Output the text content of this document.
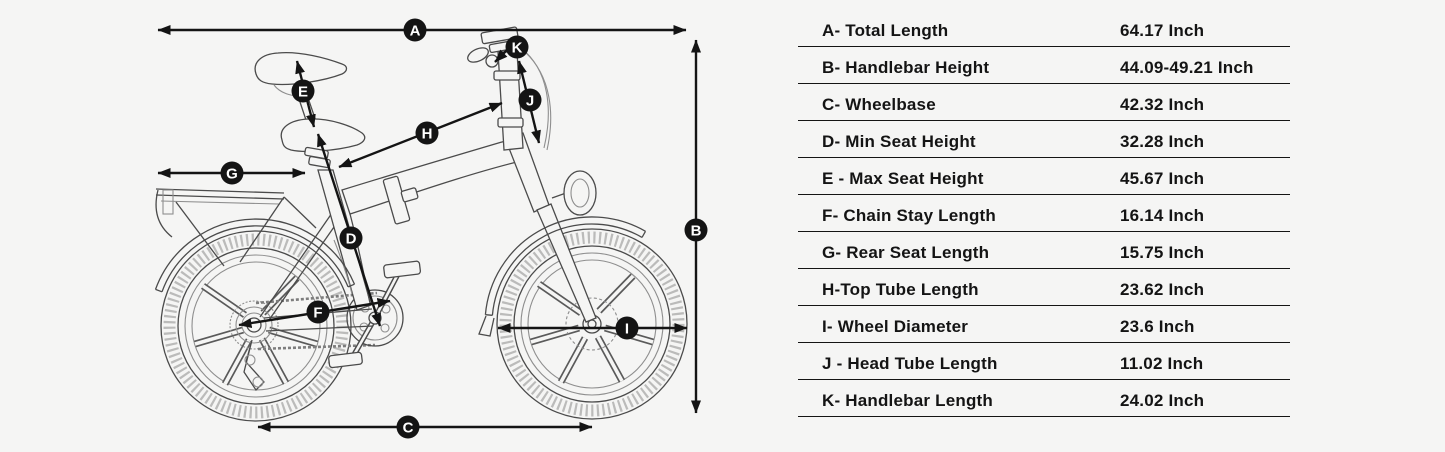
A
B
C
D
E
F
G
H
I
J
K
A- Total Length	64.17 Inch
B- Handlebar Height	44.09-49.21 Inch
C- Wheelbase	42.32 Inch
D- Min Seat Height	32.28 Inch
E - Max Seat Height	45.67 Inch
F- Chain Stay Length	16.14 Inch
G- Rear Seat Length	15.75 Inch
H-Top Tube Length	23.62 Inch
I- Wheel Diameter	23.6 Inch
J - Head Tube Length	11.02 Inch
K- Handlebar Length	24.02 Inch
